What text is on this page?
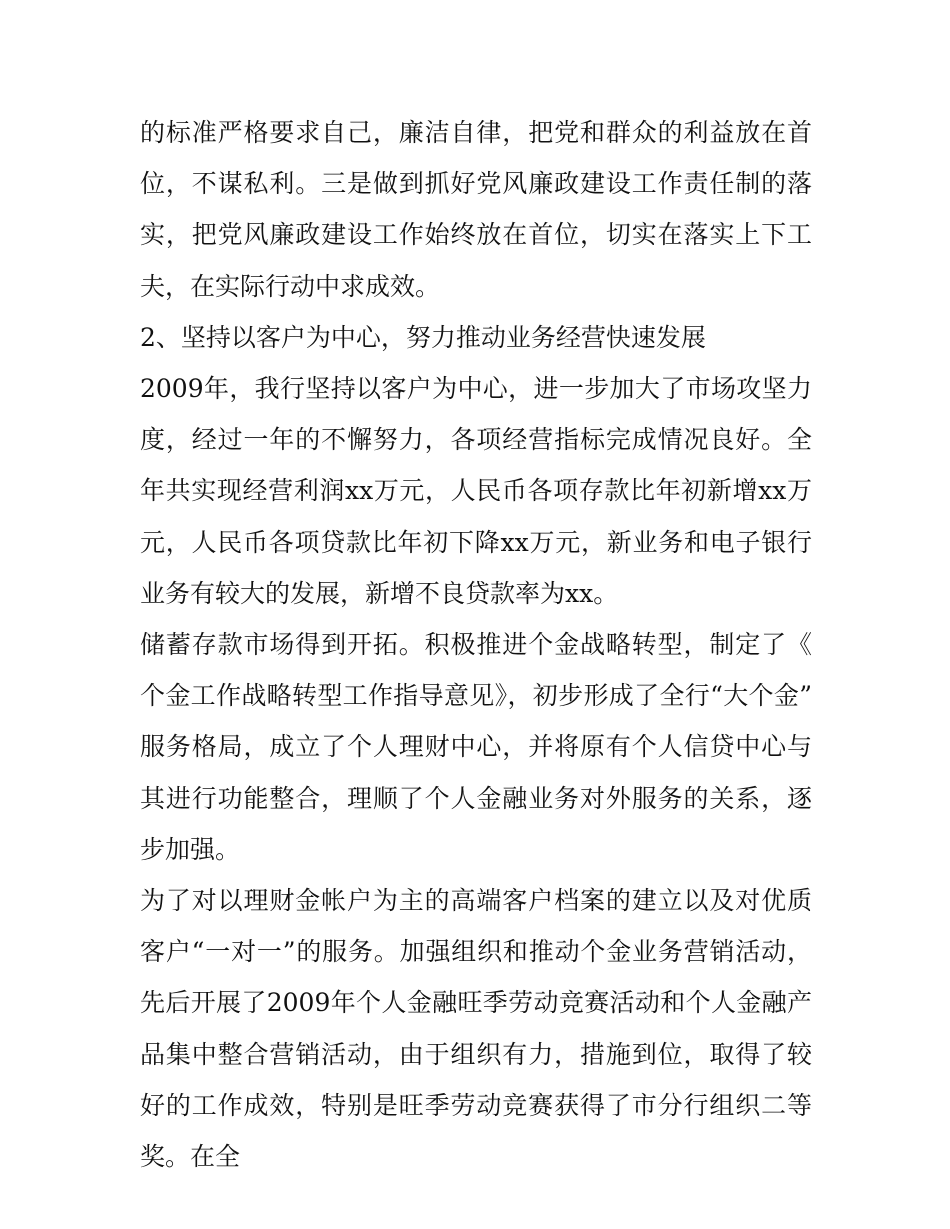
的标准严格要求自己，廉洁自律，把党和群众的利益放在首位，不谋私利。三是做到抓好党风廉政建设工作责任制的落实，把党风廉政建设工作始终放在首位，切实在落实上下工夫，在实际行动中求成效。

2、坚持以客户为中心，努力推动业务经营快速发展

2009年，我行坚持以客户为中心，进一步加大了市场攻坚力度，经过一年的不懈努力，各项经营指标完成情况良好。全年共实现经营利润xx万元，人民币各项存款比年初新增xx万元，人民币各项贷款比年初下降xx万元，新业务和电子银行业务有较大的发展，新增不良贷款率为xx。

储蓄存款市场得到开拓。积极推进个金战略转型，制定了《个金工作战略转型工作指导意见》，初步形成了全行“大个金”服务格局，成立了个人理财中心，并将原有个人信贷中心与其进行功能整合，理顺了个人金融业务对外服务的关系，逐步加强。

为了对以理财金帐户为主的高端客户档案的建立以及对优质客户“一对一”的服务。加强组织和推动个金业务营销活动，先后开展了2009年个人金融旺季劳动竞赛活动和个人金融产品集中整合营销活动，由于组织有力，措施到位，取得了较好的工作成效，特别是旺季劳动竞赛获得了市分行组织二等奖。在全
